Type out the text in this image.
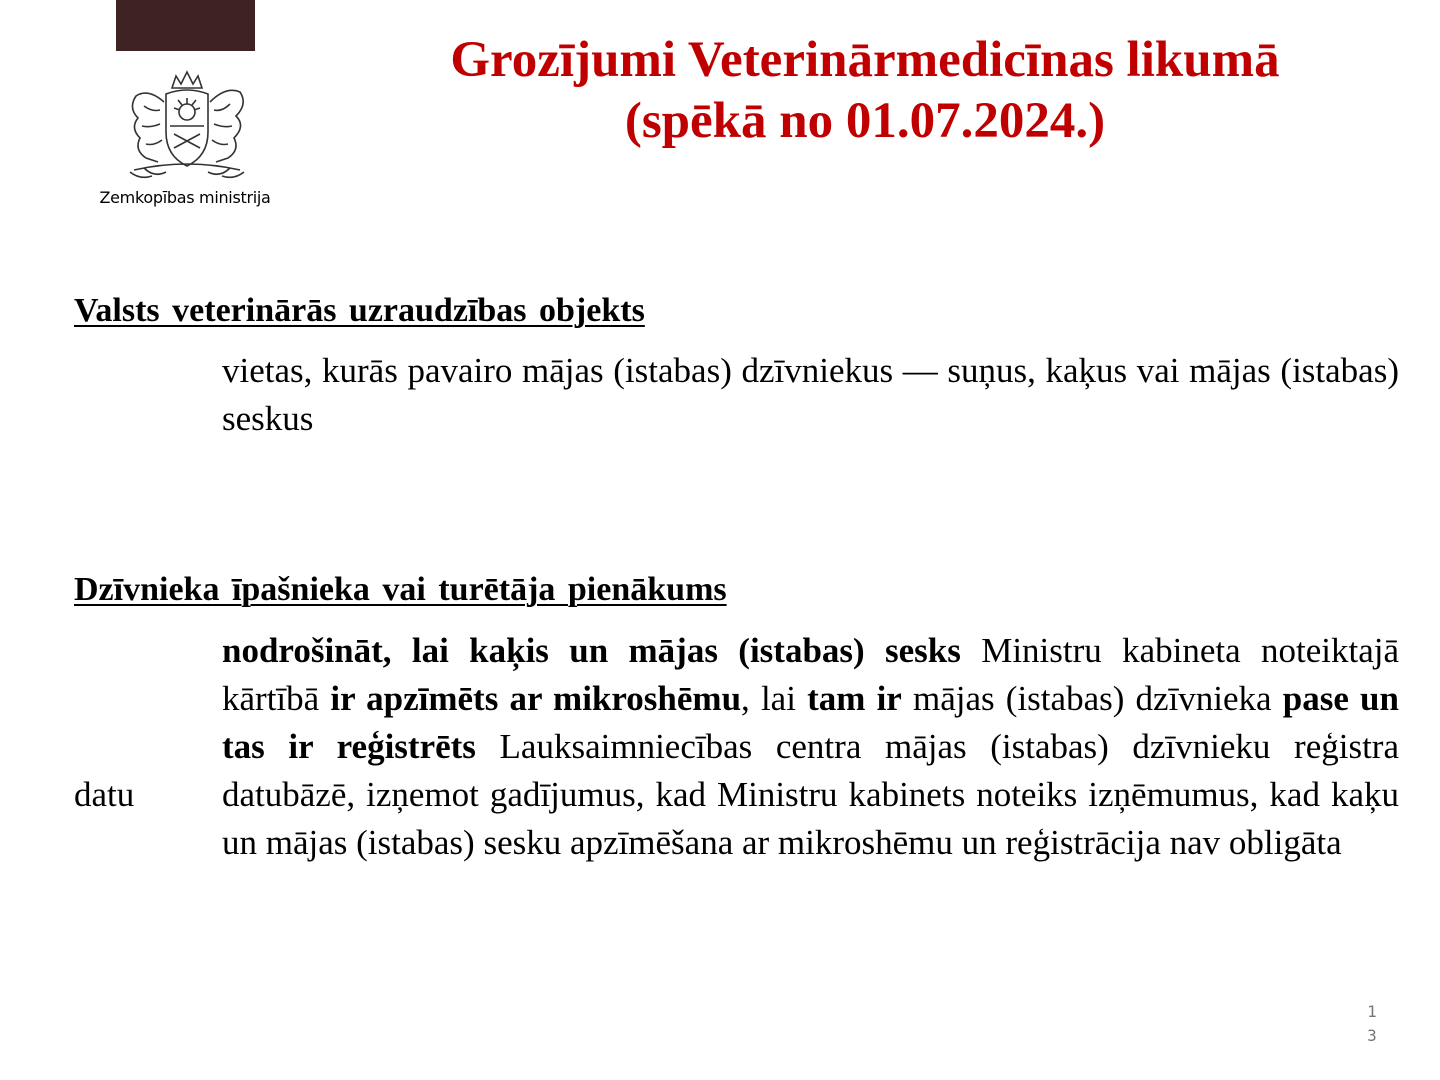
Zemkopības ministrija
Grozījumi Veterinārmedicīnas likumā
(spēkā no 01.07.2024.)
Valsts veterinārās uzraudzības objekts

vietas, kurās pavairo mājas (istabas) dzīvniekus — suņus, kaķus vai mājas (istabas) seskus

Dzīvnieka īpašnieka vai turētāja pienākums
datu

nodrošināt, lai kaķis un mājas (istabas) sesks Ministru kabineta noteiktajā kārtībā ir apzīmēts ar mikroshēmu, lai tam ir mājas (istabas) dzīvnieka pase un tas ir reģistrēts Lauksaimniecības centra mājas (istabas) dzīvnieku reģistra datubāzē, izņemot gadījumus, kad Ministru kabinets noteiks izņēmumus, kad kaķu un mājas (istabas) sesku apzīmēšana ar mikroshēmu un reģistrācija nav obligāta

1
3
